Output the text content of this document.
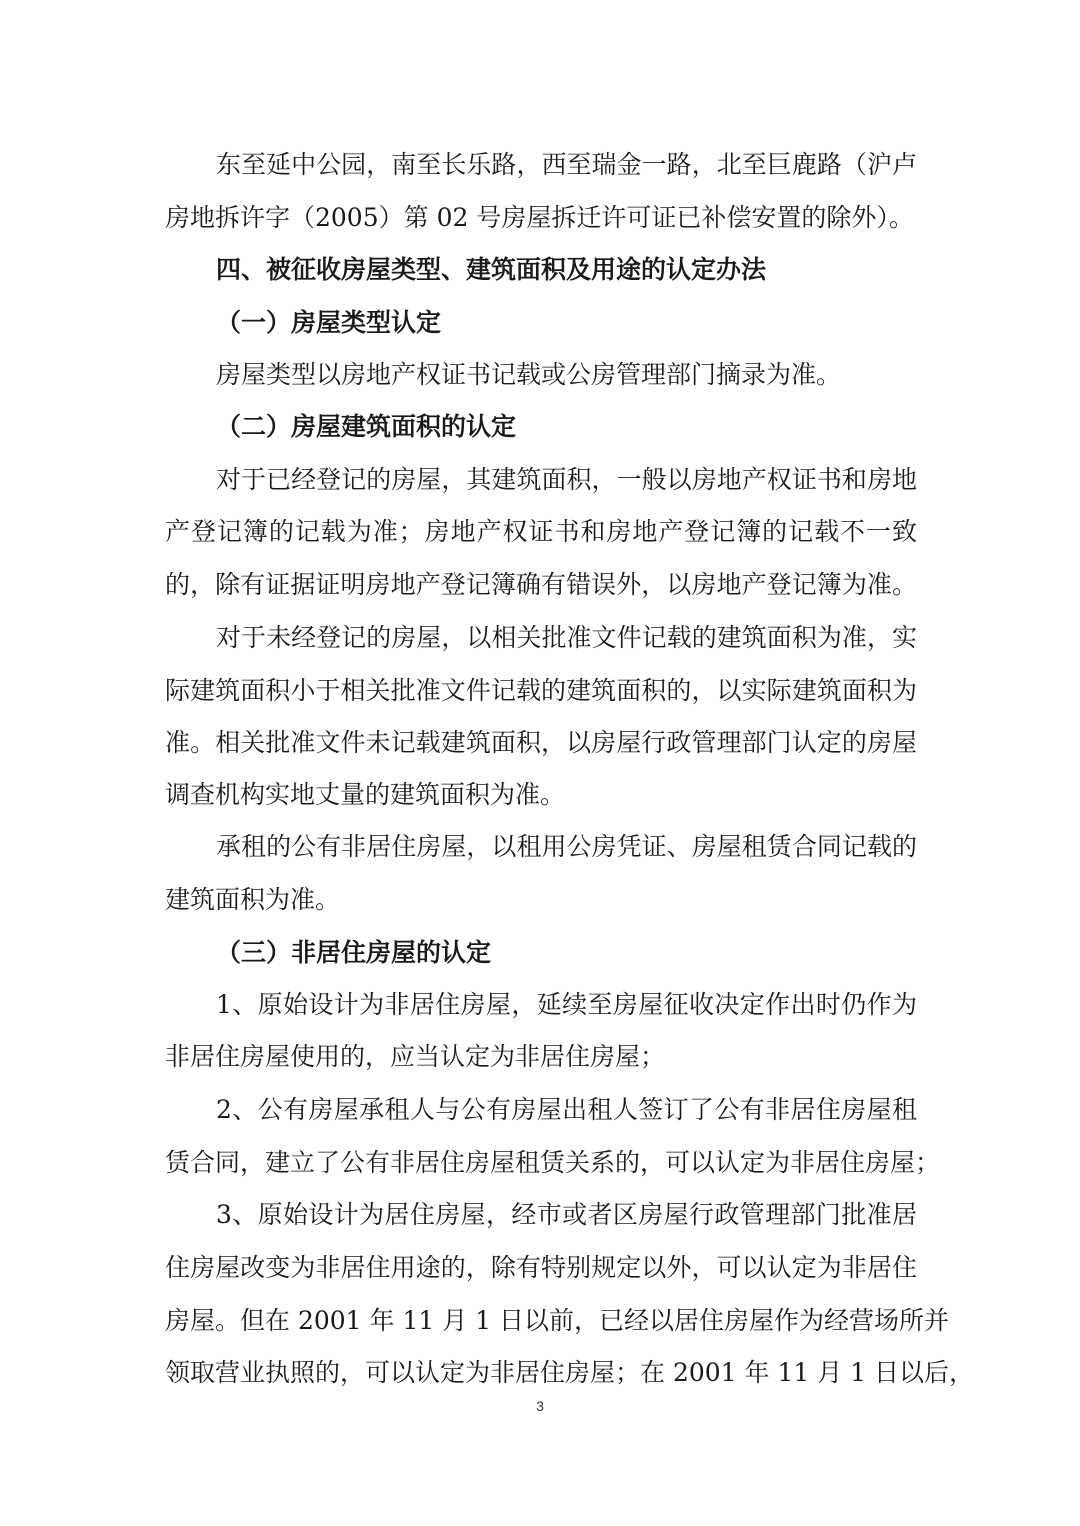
东至延中公园，南至长乐路，西至瑞金一路，北至巨鹿路（沪卢
房地拆许字（2005）第 02 号房屋拆迁许可证已补偿安置的除外）。
四、被征收房屋类型、建筑面积及用途的认定办法
（一）房屋类型认定
房屋类型以房地产权证书记载或公房管理部门摘录为准。
（二）房屋建筑面积的认定
对于已经登记的房屋，其建筑面积，一般以房地产权证书和房地
产登记簿的记载为准；房地产权证书和房地产登记簿的记载不一致
的，除有证据证明房地产登记簿确有错误外，以房地产登记簿为准。
对于未经登记的房屋，以相关批准文件记载的建筑面积为准，实
际建筑面积小于相关批准文件记载的建筑面积的，以实际建筑面积为
准。相关批准文件未记载建筑面积，以房屋行政管理部门认定的房屋
调查机构实地丈量的建筑面积为准。
承租的公有非居住房屋，以租用公房凭证、房屋租赁合同记载的
建筑面积为准。
（三）非居住房屋的认定
1、原始设计为非居住房屋，延续至房屋征收决定作出时仍作为
非居住房屋使用的，应当认定为非居住房屋；
2、公有房屋承租人与公有房屋出租人签订了公有非居住房屋租
赁合同，建立了公有非居住房屋租赁关系的，可以认定为非居住房屋；
3、原始设计为居住房屋，经市或者区房屋行政管理部门批准居
住房屋改变为非居住用途的，除有特别规定以外，可以认定为非居住
房屋。但在 2001 年 11 月 1 日以前，已经以居住房屋作为经营场所并
领取营业执照的，可以认定为非居住房屋；在 2001 年 11 月 1 日以后，
3
